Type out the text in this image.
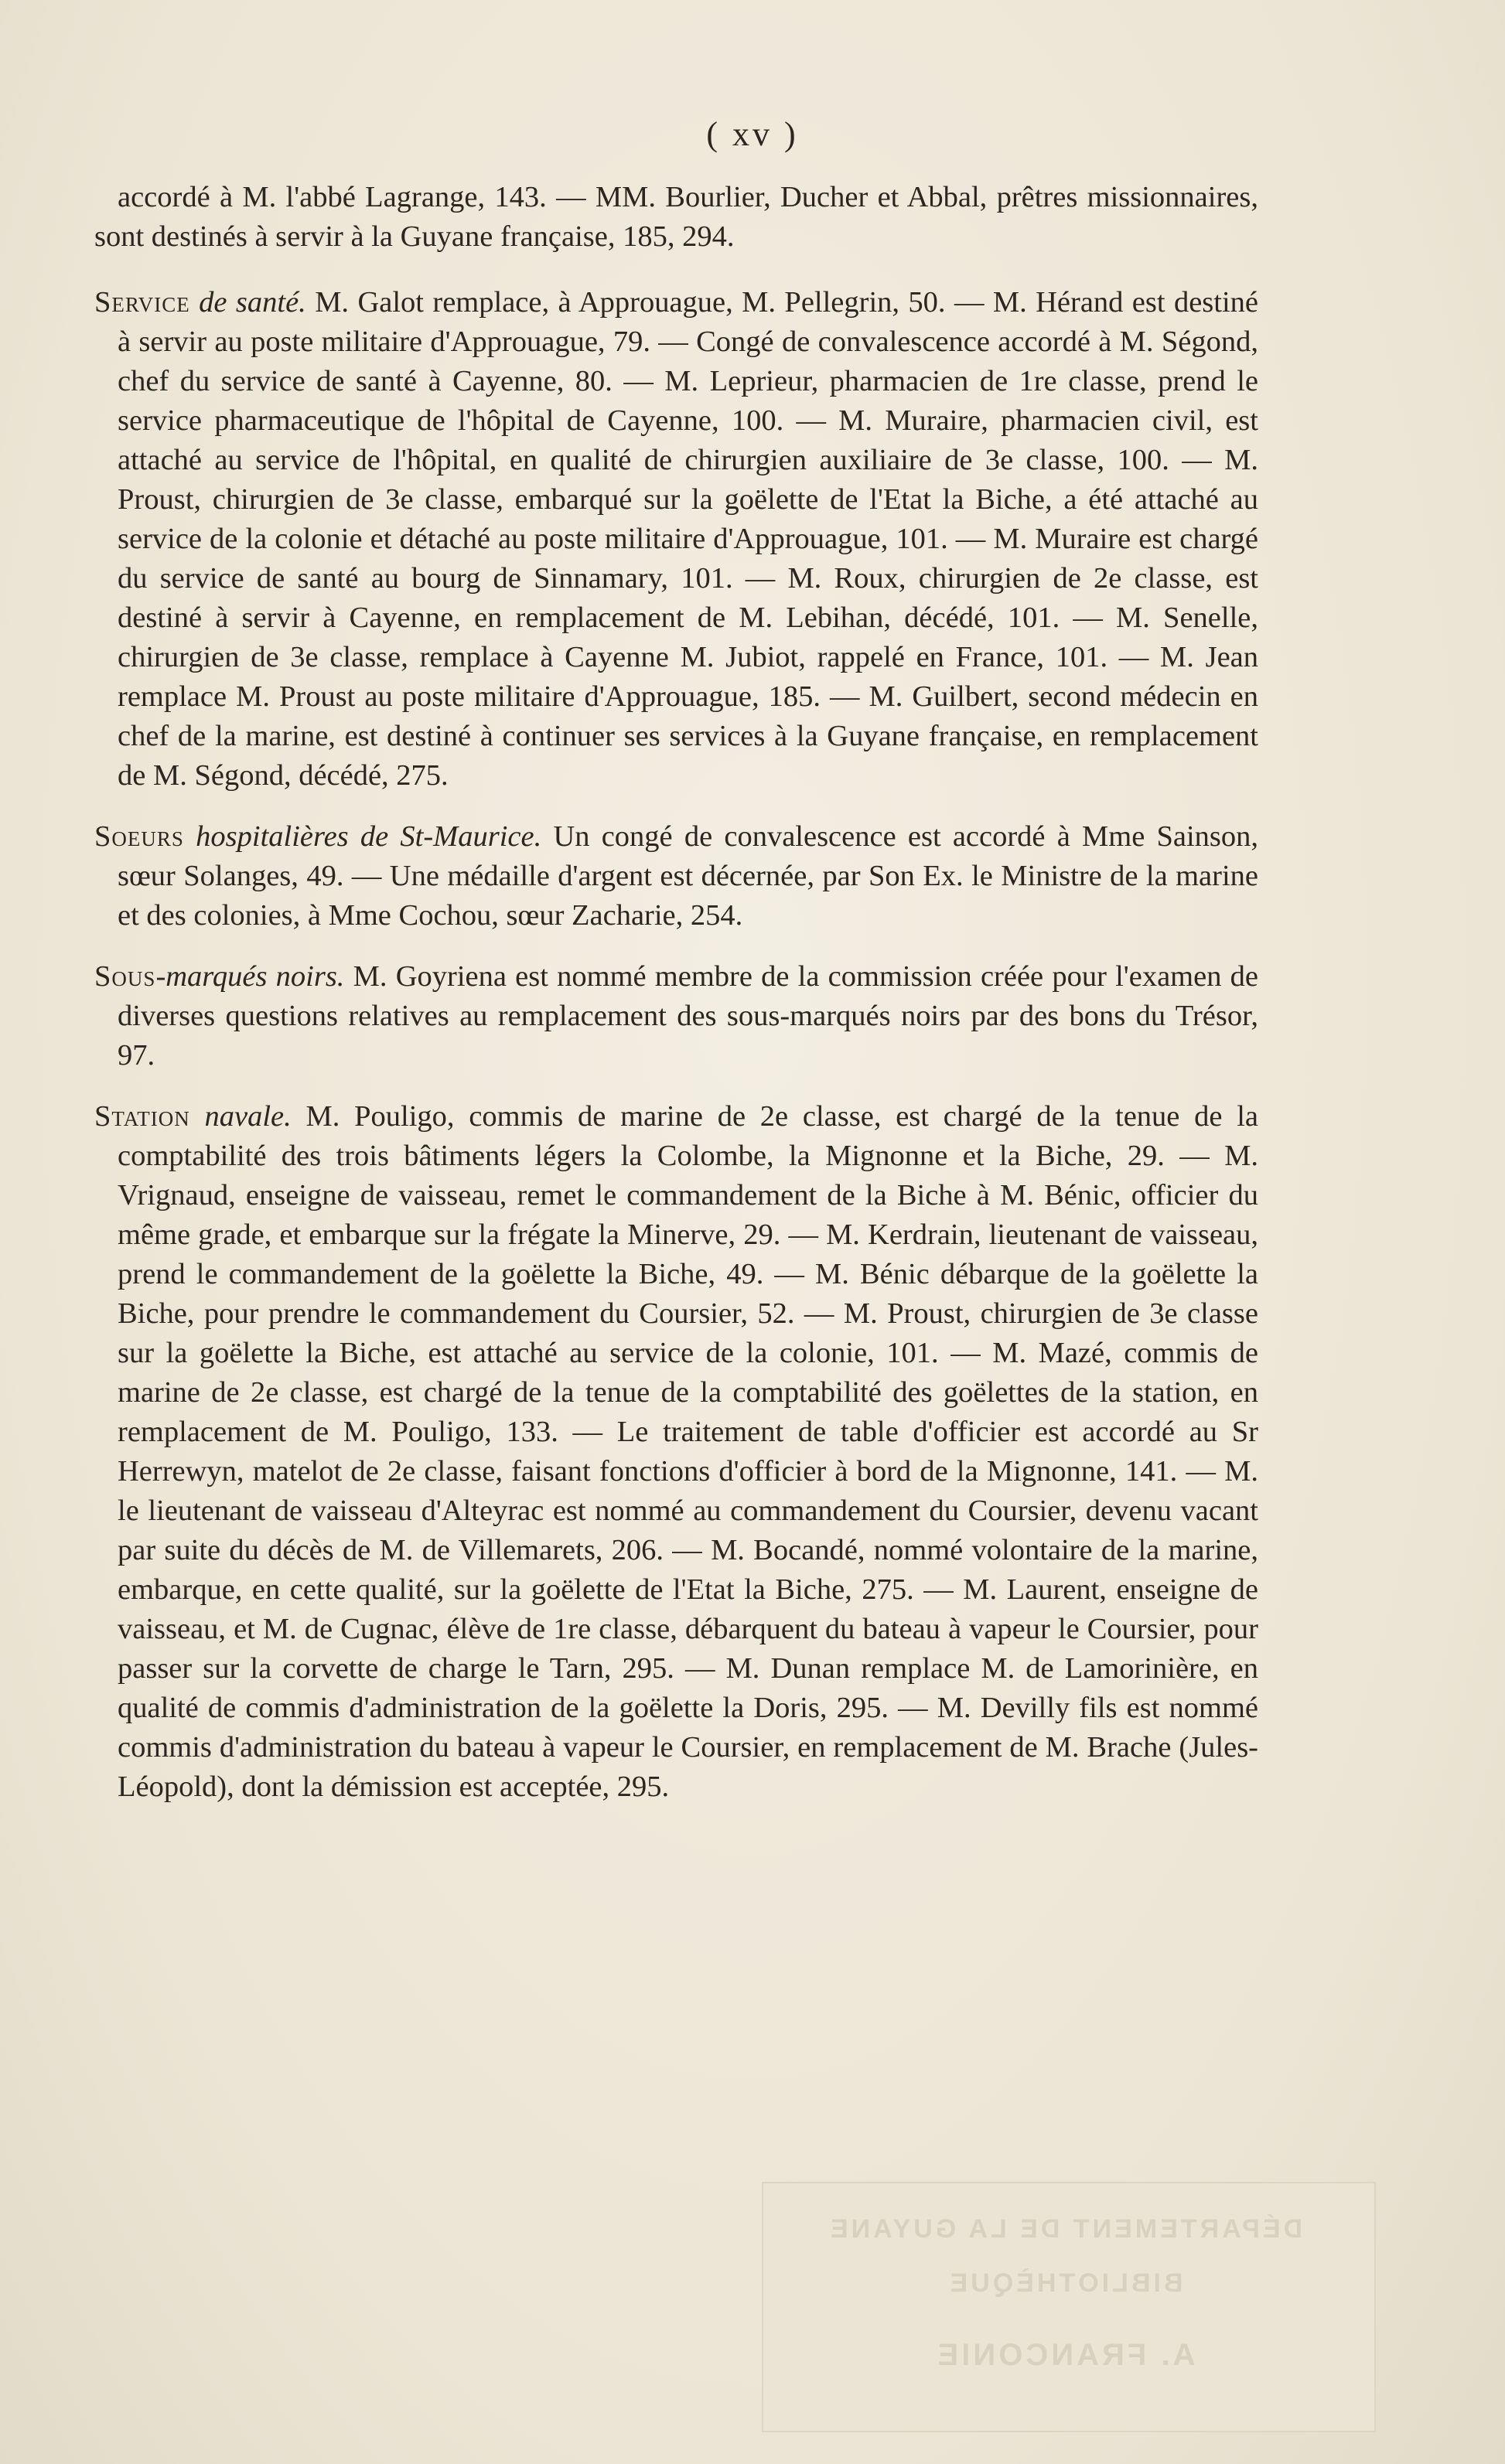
( xv )

accordé à M. l'abbé Lagrange, 143. — MM. Bourlier, Ducher et Abbal, prêtres missionnaires, sont destinés à servir à la Guyane française, 185, 294.

Service de santé. M. Galot remplace, à Approuague, M. Pellegrin, 50. — M. Hérand est destiné à servir au poste militaire d'Approuague, 79. — Congé de convalescence accordé à M. Ségond, chef du service de santé à Cayenne, 80. — M. Leprieur, pharmacien de 1re classe, prend le service pharmaceutique de l'hôpital de Cayenne, 100. — M. Muraire, pharmacien civil, est attaché au service de l'hôpital, en qualité de chirurgien auxiliaire de 3e classe, 100. — M. Proust, chirurgien de 3e classe, embarqué sur la goëlette de l'Etat la Biche, a été attaché au service de la colonie et détaché au poste militaire d'Approuague, 101. — M. Muraire est chargé du service de santé au bourg de Sinnamary, 101. — M. Roux, chirurgien de 2e classe, est destiné à servir à Cayenne, en remplacement de M. Lebihan, décédé, 101. — M. Senelle, chirurgien de 3e classe, remplace à Cayenne M. Jubiot, rappelé en France, 101. — M. Jean remplace M. Proust au poste militaire d'Approuague, 185. — M. Guilbert, second médecin en chef de la marine, est destiné à continuer ses services à la Guyane française, en remplacement de M. Ségond, décédé, 275.

Soeurs hospitalières de St-Maurice. Un congé de convalescence est accordé à Mme Sainson, sœur Solanges, 49. — Une médaille d'argent est décernée, par Son Ex. le Ministre de la marine et des colonies, à Mme Cochou, sœur Zacharie, 254.

Sous-marqués noirs. M. Goyriena est nommé membre de la commission créée pour l'examen de diverses questions relatives au remplacement des sous-marqués noirs par des bons du Trésor, 97.

Station navale. M. Pouligo, commis de marine de 2e classe, est chargé de la tenue de la comptabilité des trois bâtiments légers la Colombe, la Mignonne et la Biche, 29. — M. Vrignaud, enseigne de vaisseau, remet le commandement de la Biche à M. Bénic, officier du même grade, et embarque sur la frégate la Minerve, 29. — M. Kerdrain, lieutenant de vaisseau, prend le commandement de la goëlette la Biche, 49. — M. Bénic débarque de la goëlette la Biche, pour prendre le commandement du Coursier, 52. — M. Proust, chirurgien de 3e classe sur la goëlette la Biche, est attaché au service de la colonie, 101. — M. Mazé, commis de marine de 2e classe, est chargé de la tenue de la comptabilité des goëlettes de la station, en remplacement de M. Pouligo, 133. — Le traitement de table d'officier est accordé au Sr Herrewyn, matelot de 2e classe, faisant fonctions d'officier à bord de la Mignonne, 141. — M. le lieutenant de vaisseau d'Alteyrac est nommé au commandement du Coursier, devenu vacant par suite du décès de M. de Villemarets, 206. — M. Bocandé, nommé volontaire de la marine, embarque, en cette qualité, sur la goëlette de l'Etat la Biche, 275. — M. Laurent, enseigne de vaisseau, et M. de Cugnac, élève de 1re classe, débarquent du bateau à vapeur le Coursier, pour passer sur la corvette de charge le Tarn, 295. — M. Dunan remplace M. de Lamorinière, en qualité de commis d'administration de la goëlette la Doris, 295. — M. Devilly fils est nommé commis d'administration du bateau à vapeur le Coursier, en remplacement de M. Brache (Jules-Léopold), dont la démission est acceptée, 295.

DÉPARTEMENT DE LA GUYANE
BIBLIOTHÈQUE
A. FRANCONIE
